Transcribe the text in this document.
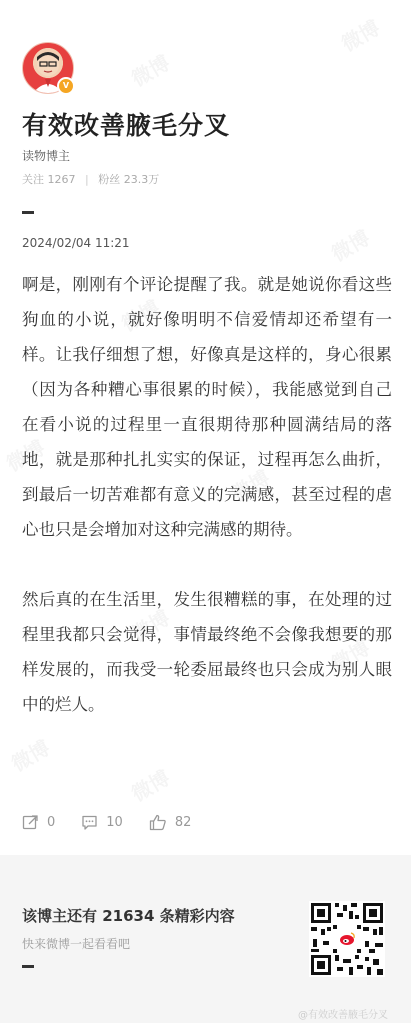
V
有效改善腋毛分叉
读物博主
关注 1267 | 粉丝 23.3万
2024/02/04 11:21

啊是，刚刚有个评论提醒了我。就是她说你看这些狗血的小说，就好像明明不信爱情却还希望有一样。让我仔细想了想，好像真是这样的，身心很累（因为各种糟心事很累的时候），我能感觉到自己在看小说的过程里一直很期待那种圆满结局的落地，就是那种扎扎实实的保证，过程再怎么曲折，到最后一切苦难都有意义的完满感，甚至过程的虐心也只是会增加对这种完满感的期待。

然后真的在生活里，发生很糟糕的事，在处理的过程里我都只会觉得，事情最终绝不会像我想要的那样发展的，而我受一轮委屈最终也只会成为别人眼中的烂人。

0	10	82
该博主还有 21634 条精彩内容
快来微博一起看看吧
@有效改善腋毛分叉
